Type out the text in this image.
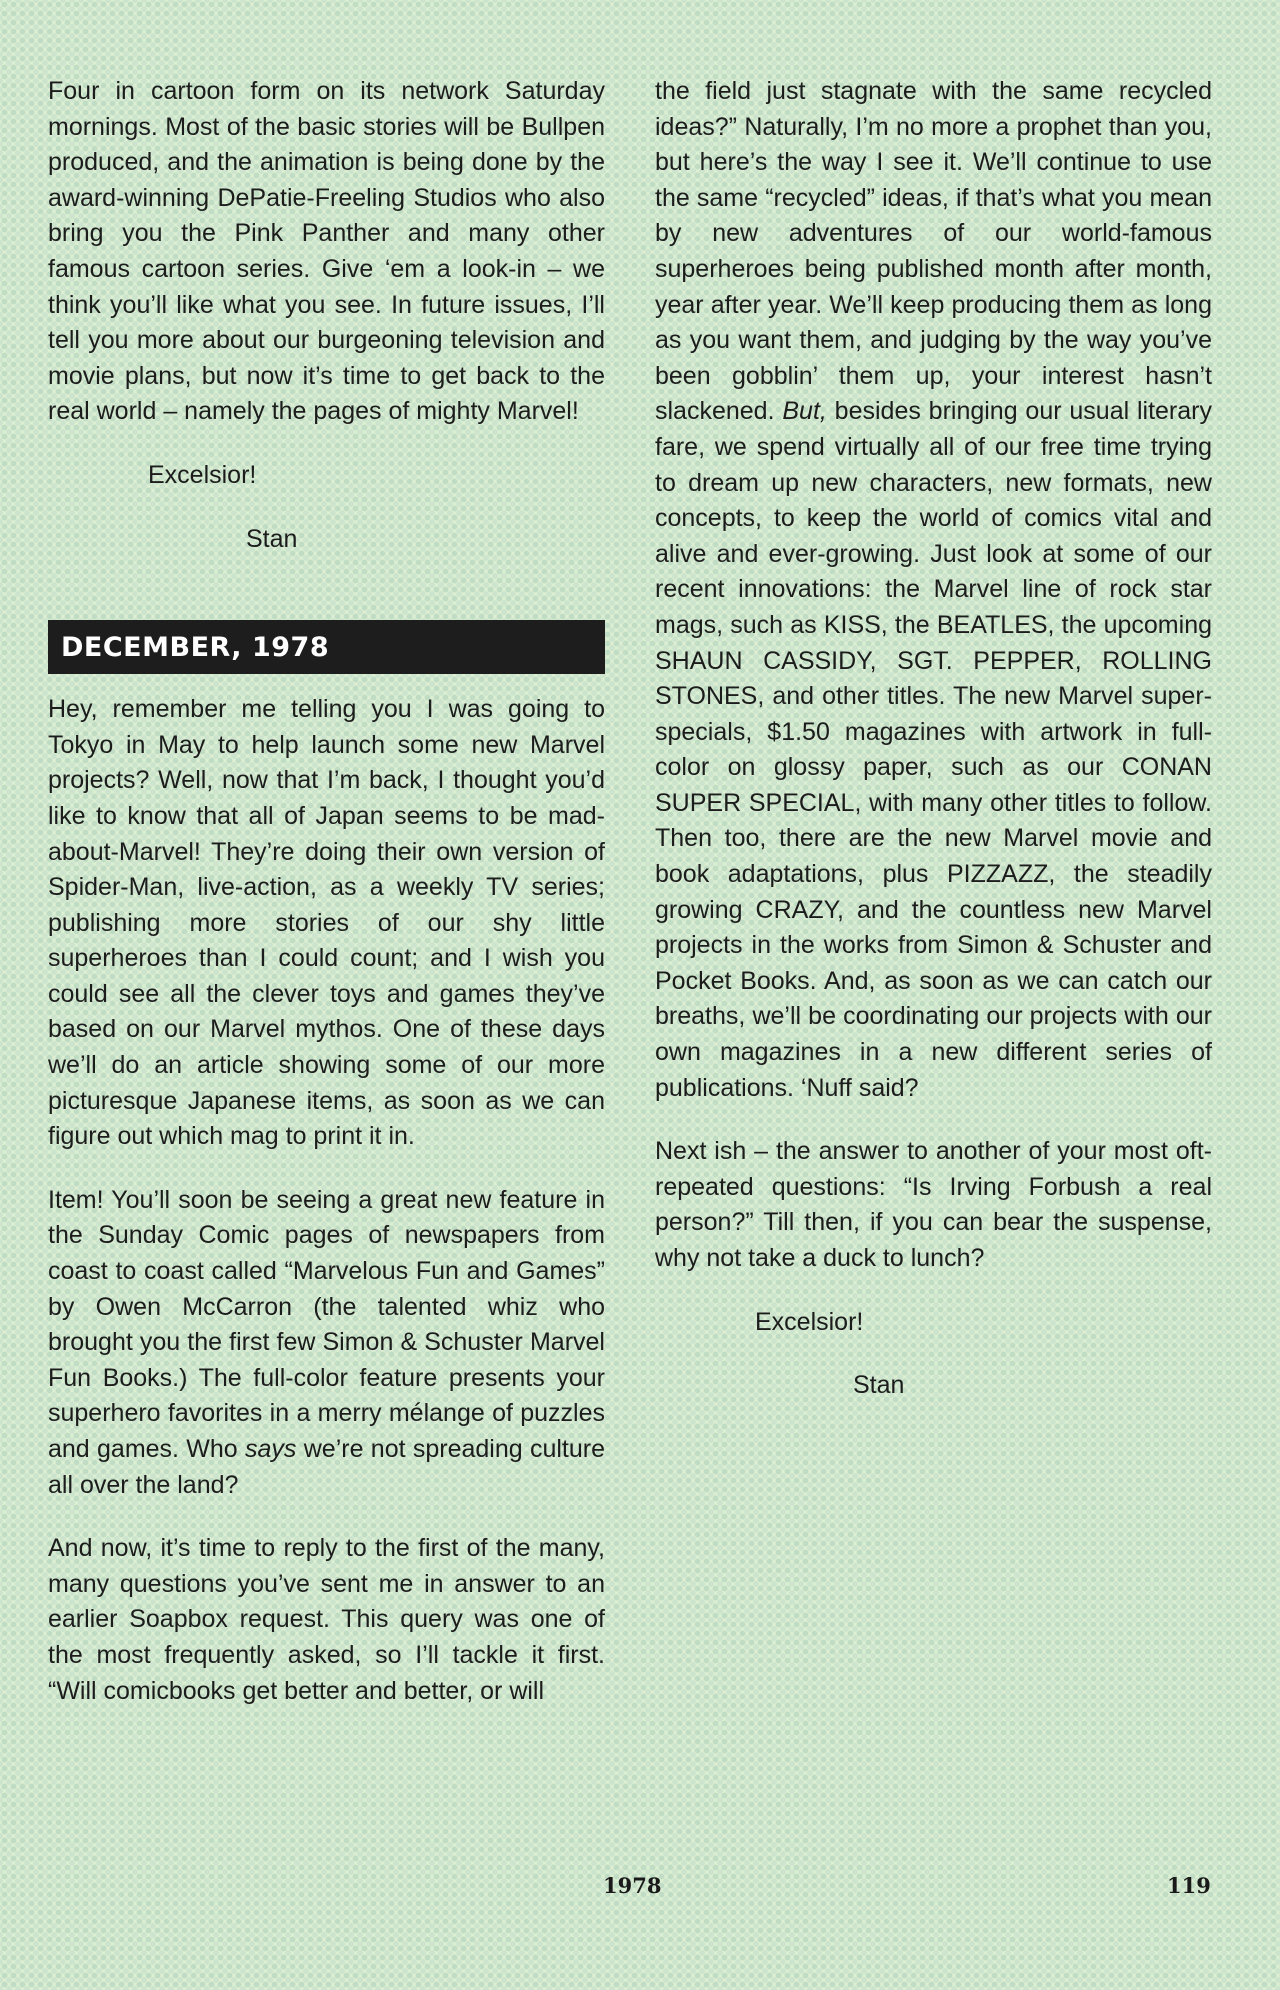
Four in cartoon form on its network Saturday mornings. Most of the basic stories will be Bullpen produced, and the animation is being done by the award-winning DePatie-Freeling Studios who also bring you the Pink Panther and many other famous cartoon series. Give ‘em a look-in – we think you’ll like what you see. In future issues, I’ll tell you more about our burgeoning television and movie plans, but now it’s time to get back to the real world – namely the pages of mighty Marvel!

Excelsior!
Stan
DECEMBER, 1978

Hey, remember me telling you I was going to Tokyo in May to help launch some new Marvel projects? Well, now that I’m back, I thought you’d like to know that all of Japan seems to be mad-about-Marvel! They’re doing their own version of Spider-Man, live-action, as a weekly TV series; publishing more stories of our shy little superheroes than I could count; and I wish you could see all the clever toys and games they’ve based on our Marvel mythos. One of these days we’ll do an article showing some of our more picturesque Japanese items, as soon as we can figure out which mag to print it in.

Item! You’ll soon be seeing a great new feature in the Sunday Comic pages of newspapers from coast to coast called “Marvelous Fun and Games” by Owen McCarron (the talented whiz who brought you the first few Simon & Schuster Marvel Fun Books.) The full-color feature presents your superhero favorites in a merry mélange of puzzles and games. Who says we’re not spreading culture all over the land?

And now, it’s time to reply to the first of the many, many questions you’ve sent me in answer to an earlier Soapbox request. This query was one of the most frequently asked, so I’ll tackle it first. “Will comicbooks get better and better, or will

the field just stagnate with the same recycled ideas?” Naturally, I’m no more a prophet than you, but here’s the way I see it. We’ll continue to use the same “recycled” ideas, if that’s what you mean by new adventures of our world-famous superheroes being published month after month, year after year. We’ll keep producing them as long as you want them, and judging by the way you’ve been gobblin’ them up, your interest hasn’t slackened. But, besides bringing our usual literary fare, we spend virtually all of our free time trying to dream up new characters, new formats, new concepts, to keep the world of comics vital and alive and ever-growing. Just look at some of our recent innovations: the Marvel line of rock star mags, such as KISS, the BEATLES, the upcoming SHAUN CASSIDY, SGT. PEPPER, ROLLING STONES, and other titles. The new Marvel super-specials, $1.50 magazines with artwork in full-color on glossy paper, such as our CONAN SUPER SPECIAL, with many other titles to follow. Then too, there are the new Marvel movie and book adaptations, plus PIZZAZZ, the steadily growing CRAZY, and the countless new Marvel projects in the works from Simon & Schuster and Pocket Books. And, as soon as we can catch our breaths, we’ll be coordinating our projects with our own magazines in a new different series of publications. ‘Nuff said?

Next ish – the answer to another of your most oft-repeated questions: “Is Irving Forbush a real person?” Till then, if you can bear the suspense, why not take a duck to lunch?

Excelsior!
Stan
1978	119
